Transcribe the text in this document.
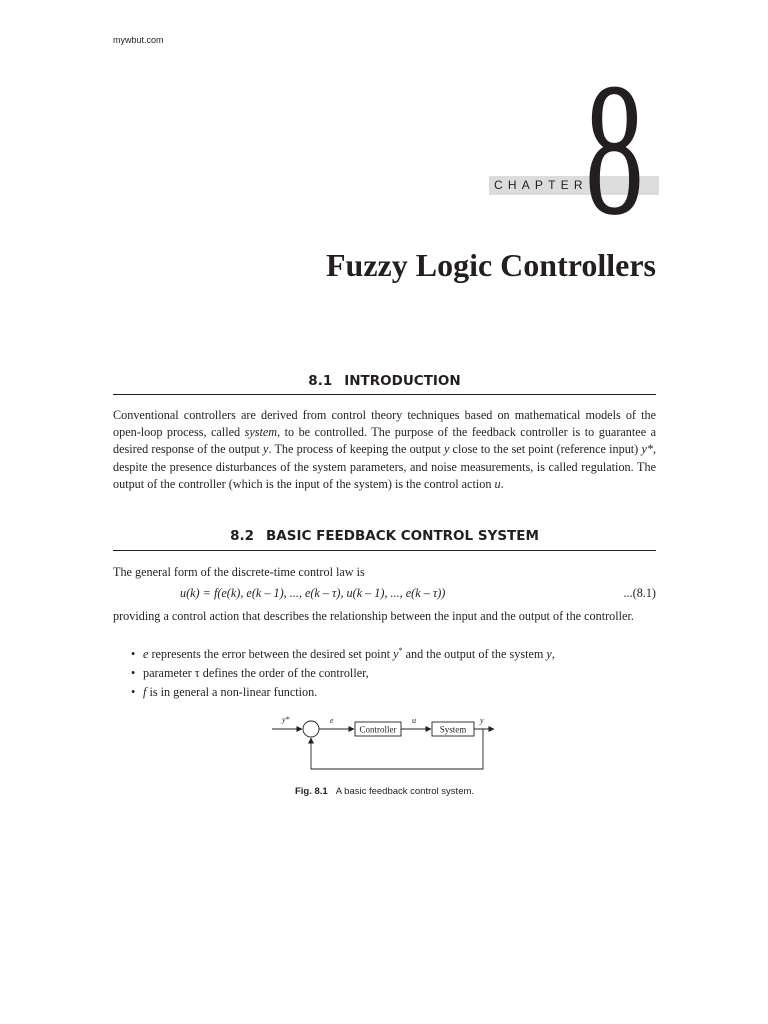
mywbut.com
CHAPTER
8
Fuzzy Logic Controllers
8.1 INTRODUCTION
Conventional controllers are derived from control theory techniques based on mathematical models of the open-loop process, called system, to be controlled. The purpose of the feedback controller is to guarantee a desired response of the output y. The process of keeping the output y close to the set point (reference input) y*, despite the presence disturbances of the system parameters, and noise measurements, is called regulation. The output of the controller (which is the input of the system) is the control action u.
8.2 BASIC FEEDBACK CONTROL SYSTEM
The general form of the discrete-time control law is
u(k) = f(e(k), e(k – 1), ..., e(k – τ), u(k – 1), ..., e(k – τ))	...(8.1)
providing a control action that describes the relationship between the input and the output of the controller.
• e represents the error between the desired set point y* and the output of the system y,
• parameter τ defines the order of the controller,
• f is in general a non-linear function.
y*	e
Controller
u
System
y
Fig. 8.1 A basic feedback control system.
